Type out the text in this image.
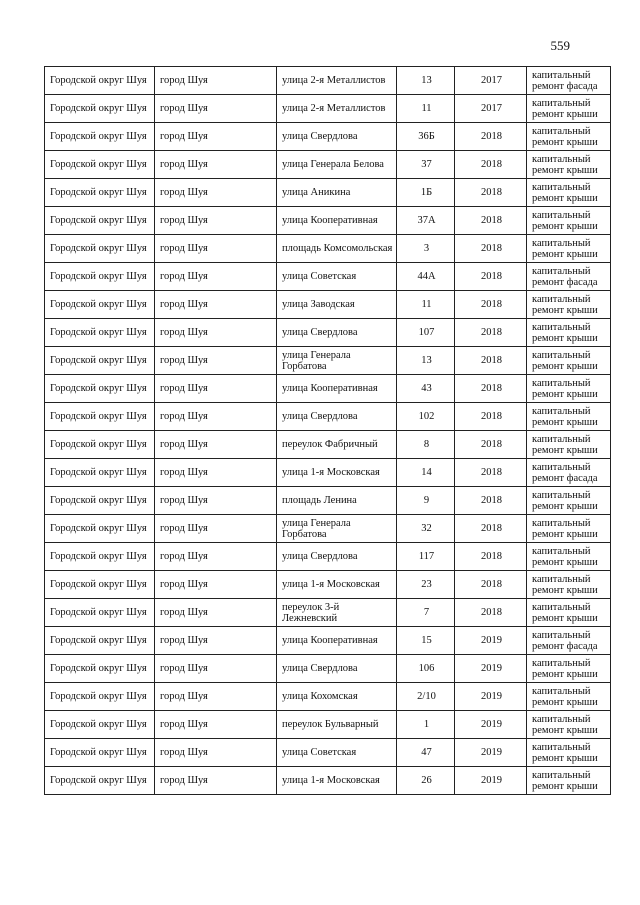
559
Городской округ Шуя	город Шуя	улица 2-я Металлистов	13	2017	капитальный ремонт фасада
Городской округ Шуя	город Шуя	улица 2-я Металлистов	11	2017	капитальный ремонт крыши
Городской округ Шуя	город Шуя	улица Свердлова	36Б	2018	капитальный ремонт крыши
Городской округ Шуя	город Шуя	улица Генерала Белова	37	2018	капитальный ремонт крыши
Городской округ Шуя	город Шуя	улица Аникина	1Б	2018	капитальный ремонт крыши
Городской округ Шуя	город Шуя	улица Кооперативная	37А	2018	капитальный ремонт крыши
Городской округ Шуя	город Шуя	площадь Комсомольская	3	2018	капитальный ремонт крыши
Городской округ Шуя	город Шуя	улица Советская	44А	2018	капитальный ремонт фасада
Городской округ Шуя	город Шуя	улица Заводская	11	2018	капитальный ремонт крыши
Городской округ Шуя	город Шуя	улица Свердлова	107	2018	капитальный ремонт крыши
Городской округ Шуя	город Шуя	улица Генерала Горбатова	13	2018	капитальный ремонт крыши
Городской округ Шуя	город Шуя	улица Кооперативная	43	2018	капитальный ремонт крыши
Городской округ Шуя	город Шуя	улица Свердлова	102	2018	капитальный ремонт крыши
Городской округ Шуя	город Шуя	переулок Фабричный	8	2018	капитальный ремонт крыши
Городской округ Шуя	город Шуя	улица 1-я Московская	14	2018	капитальный ремонт фасада
Городской округ Шуя	город Шуя	площадь Ленина	9	2018	капитальный ремонт крыши
Городской округ Шуя	город Шуя	улица Генерала Горбатова	32	2018	капитальный ремонт крыши
Городской округ Шуя	город Шуя	улица Свердлова	117	2018	капитальный ремонт крыши
Городской округ Шуя	город Шуя	улица 1-я Московская	23	2018	капитальный ремонт крыши
Городской округ Шуя	город Шуя	переулок 3-й Лежневский	7	2018	капитальный ремонт крыши
Городской округ Шуя	город Шуя	улица Кооперативная	15	2019	капитальный ремонт фасада
Городской округ Шуя	город Шуя	улица Свердлова	106	2019	капитальный ремонт крыши
Городской округ Шуя	город Шуя	улица Кохомская	2/10	2019	капитальный ремонт крыши
Городской округ Шуя	город Шуя	переулок Бульварный	1	2019	капитальный ремонт крыши
Городской округ Шуя	город Шуя	улица Советская	47	2019	капитальный ремонт крыши
Городской округ Шуя	город Шуя	улица 1-я Московская	26	2019	капитальный ремонт крыши
